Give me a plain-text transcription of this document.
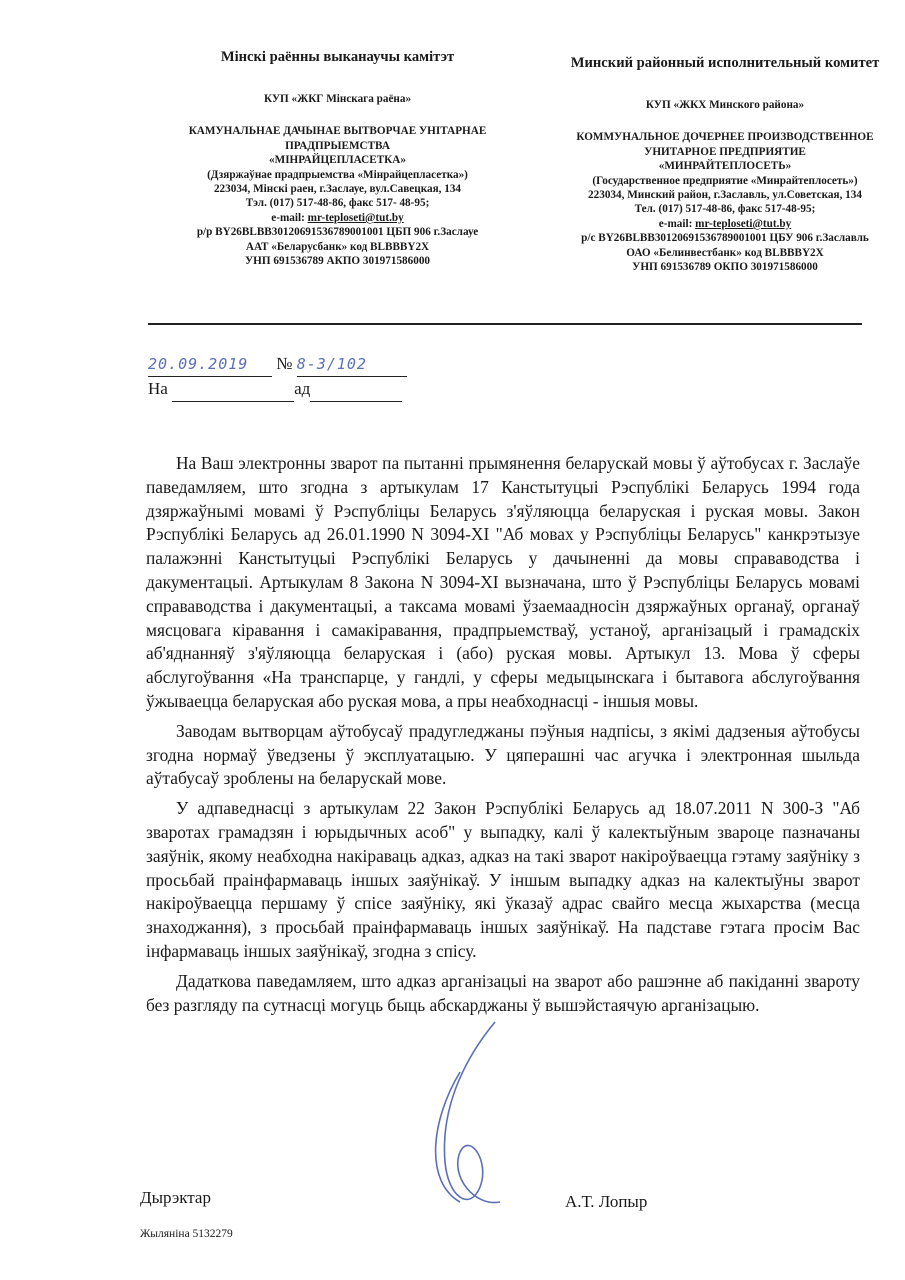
Мінскі раённы выканаучы камітэт
КУП «ЖКГ Мінскага раёна»
КАМУНАЛЬНАЕ ДАЧЫНАЕ ВЫТВОРЧАЕ УНІТАРНАЕ
ПРАДПРЫЕМСТВА
«МІНРАЙЦЕПЛАСЕТКА»
(Дзяржаўнае прадпрыемства «Мінрайцеплaсетка»)
223034, Мінскі раен, г.Заслауе, вул.Савецкая, 134
Тэл. (017) 517-48-86, факс 517- 48-95;
e-mail: mr-teploseti@tut.by
р/р BY26BLBB30120691536789001001 ЦБП 906 г.Заслауе
ААТ «Беларусбанк» код BLBBBY2X
УНП 691536789 АКПО 301971586000
Минский районный исполнительный комитет
КУП «ЖКХ Минского района»
КОММУНАЛЬНОЕ ДОЧЕРНЕЕ ПРОИЗВОДСТВЕННОЕ
УНИТАРНОЕ ПРЕДПРИЯТИЕ
«МИНРАЙТЕПЛОСЕТЬ»
(Государственное предприятие «Минрайтеплосеть»)
223034, Минский район, г.Заславль, ул.Советская, 134
Тел. (017) 517-48-86, факс 517-48-95;
e-mail: mr-teploseti@tut.by
р/с BY26BLBB30120691536789001001 ЦБУ 906 г.Заславль
ОАО «Белинвестбанк» код BLBBBY2X
УНП 691536789 ОКПО 301971586000
20.09.2019 № 8-3/102
На	ад

На Ваш электронны зварот па пытанні прымянення беларускай мовы ў аўтобусах г. Заслаўе паведамляем, што згодна з артыкулам 17 Канстытуцыі Рэспублікі Беларусь 1994 года дзяржаўнымі мовамі ў Рэспубліцы Беларусь з'яўляюцца беларуская і руская мовы. Закон Рэспублікі Беларусь ад 26.01.1990 N 3094-XI "Аб мовах у Рэспубліцы Беларусь" канкрэтызуе палажэнні Канстытуцыі Рэспублікі Беларусь у дачыненні да мовы справаводства і дакументацыі. Артыкулам 8 Закона N 3094-XI вызначана, што ў Рэспубліцы Беларусь мовамі справаводства і дакументацыі, а таксама мовамі ўзаемаадносін дзяржаўных органаў, органаў мясцовага кіравання і самакіравання, прадпрыемстваў, устаноў, арганізацый і грамадскіх аб'яднанняў з'яўляюцца беларуская і (або) руская мовы. Артыкул 13. Мова ў сферы абслугоўвання «На транспарце, у гандлі, у сферы медыцынскага і бытавога абслугоўвання ўжываецца беларуская або руская мова, а пры неабходнасці - іншыя мовы.

Заводам вытворцам аўтобусаў прадугледжаны пэўныя надпісы, з якімі дадзеныя аўтобусы згодна нормаў ўведзены ў эксплуатацыю. У цяперашні час агучка і электронная шыльда аўтабусаў зроблены на беларускай мове.

У адпаведнасці з артыкулам 22 Закон Рэспублікі Беларусь ад 18.07.2011 N 300-З "Аб зваротах грамадзян і юрыдычных асоб" у выпадку, калі ў калектыўным звароце пазначаны заяўнік, якому неабходна накіраваць адказ, адказ на такі зварот накіроўваецца гэтаму заяўніку з просьбай праінфармаваць іншых заяўнікаў. У іншым выпадку адказ на калектыўны зварот накіроўваецца першаму ў спісе заяўніку, які ўказаў адрас свайго месца жыхарства (месца знаходжання), з просьбай праінфармаваць іншых заяўнікаў. На падставе гэтага просім Вас інфармаваць іншых заяўнікаў, згодна з спісу.

Дадаткова паведамляем, што адказ арганізацыі на зварот або рашэнне аб пакіданні звароту без разгляду па сутнасці могуць быць абскарджаны ў вышэйстаячую арганізацыю.

Дырэктар	А.Т. Лопыр
Жыляніна 5132279
